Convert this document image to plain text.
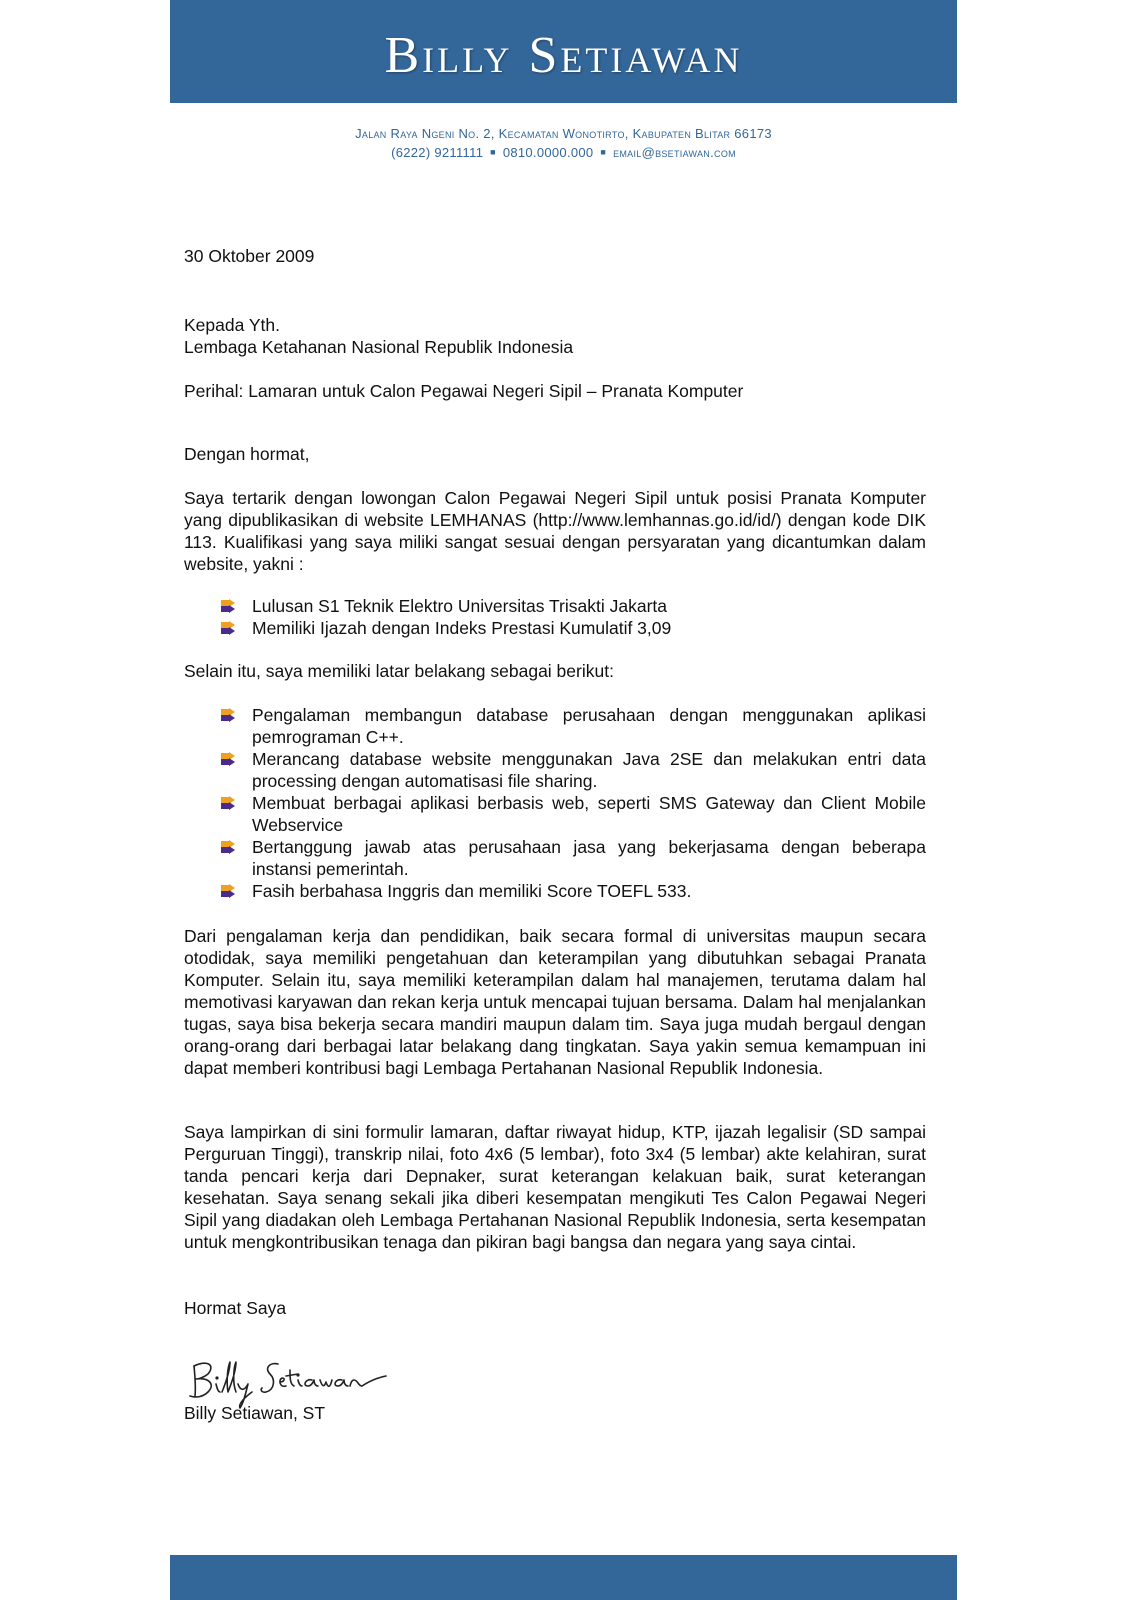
Billy Setiawan
Jalan Raya Ngeni No. 2, Kecamatan Wonotirto, Kabupaten Blitar 66173
(6222) 9211111 ■ 0810.0000.000 ■ email@bsetiawan.com
30 Oktober 2009
Kepada Yth.
Lembaga Ketahanan Nasional Republik Indonesia
Perihal: Lamaran untuk Calon Pegawai Negeri Sipil – Pranata Komputer
Dengan hormat,
Saya tertarik dengan lowongan Calon Pegawai Negeri Sipil untuk posisi Pranata Komputer yang dipublikasikan di website LEMHANAS (http://www.lemhannas.go.id/id/) dengan kode DIK 113. Kualifikasi yang saya miliki sangat sesuai dengan persyaratan yang dicantumkan dalam website, yakni :
Lulusan S1 Teknik Elektro Universitas Trisakti Jakarta
Memiliki Ijazah dengan Indeks Prestasi Kumulatif 3,09
Selain itu, saya memiliki latar belakang sebagai berikut:
Pengalaman membangun database perusahaan dengan menggunakan aplikasi pemrograman C++.
Merancang database website menggunakan Java 2SE dan melakukan entri data processing dengan automatisasi file sharing.
Membuat berbagai aplikasi berbasis web, seperti SMS Gateway dan Client Mobile Webservice
Bertanggung jawab atas perusahaan jasa yang bekerjasama dengan beberapa instansi pemerintah.
Fasih berbahasa Inggris dan memiliki Score TOEFL 533.
Dari pengalaman kerja dan pendidikan, baik secara formal di universitas maupun secara otodidak, saya memiliki pengetahuan dan keterampilan yang dibutuhkan sebagai Pranata Komputer. Selain itu, saya memiliki keterampilan dalam hal manajemen, terutama dalam hal memotivasi karyawan dan rekan kerja untuk mencapai tujuan bersama. Dalam hal menjalankan tugas, saya bisa bekerja secara mandiri maupun dalam tim. Saya juga mudah bergaul dengan orang-orang dari berbagai latar belakang dang tingkatan. Saya yakin semua kemampuan ini dapat memberi kontribusi bagi Lembaga Pertahanan Nasional Republik Indonesia.
Saya lampirkan di sini formulir lamaran, daftar riwayat hidup, KTP, ijazah legalisir (SD sampai Perguruan Tinggi), transkrip nilai, foto 4x6 (5 lembar), foto 3x4 (5 lembar) akte kelahiran, surat tanda pencari kerja dari Depnaker, surat keterangan kelakuan baik, surat keterangan kesehatan. Saya senang sekali jika diberi kesempatan mengikuti Tes Calon Pegawai Negeri Sipil yang diadakan oleh Lembaga Pertahanan Nasional Republik Indonesia, serta kesempatan untuk mengkontribusikan tenaga dan pikiran bagi bangsa dan negara yang saya cintai.
Hormat Saya
Billy Setiawan, ST
